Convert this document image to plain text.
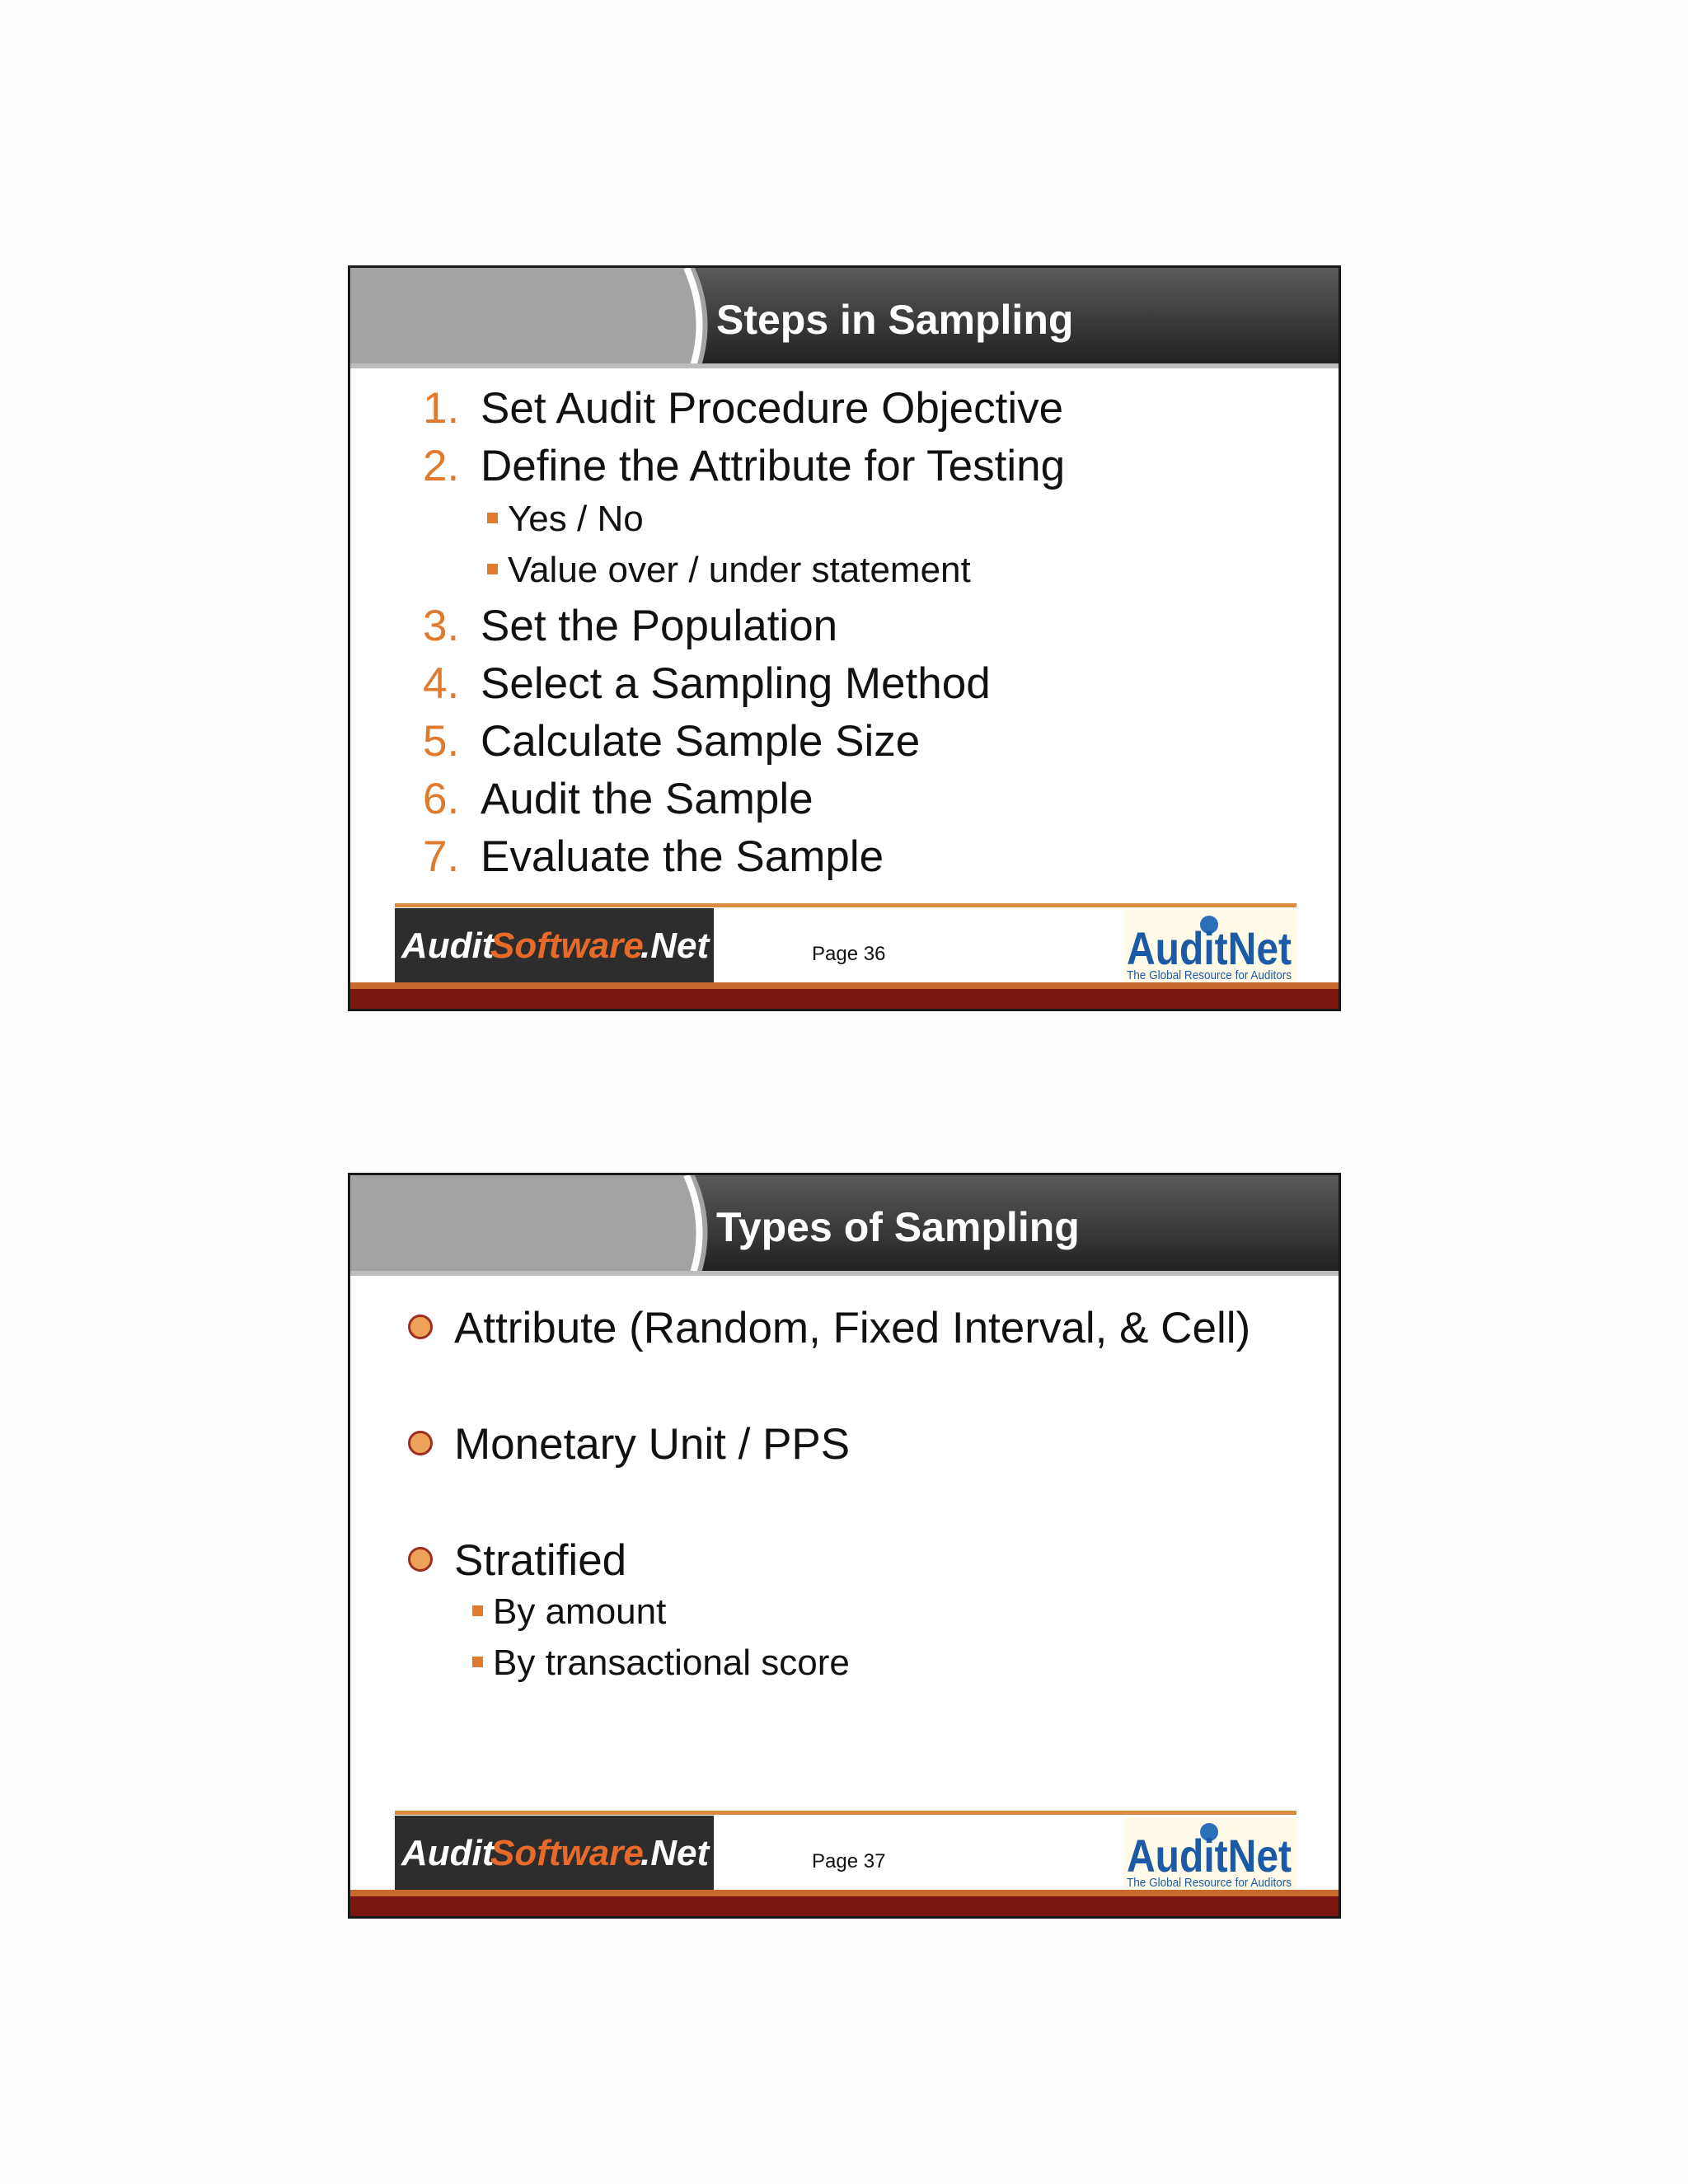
Steps in Sampling
1. Set Audit Procedure Objective
2. Define the Attribute for Testing
Yes / No
Value over / under statement
3. Set the Population
4. Select a Sampling Method
5. Calculate Sample Size
6. Audit the Sample
7. Evaluate the Sample
Audit
Software
.Net	Page 36	AuditNet
The Global Resource for Auditors
Types of Sampling
Attribute (Random, Fixed Interval, & Cell)
Monetary Unit / PPS
Stratified
By amount
By transactional score
Audit
Software
.Net	Page 37	AuditNet
The Global Resource for Auditors
